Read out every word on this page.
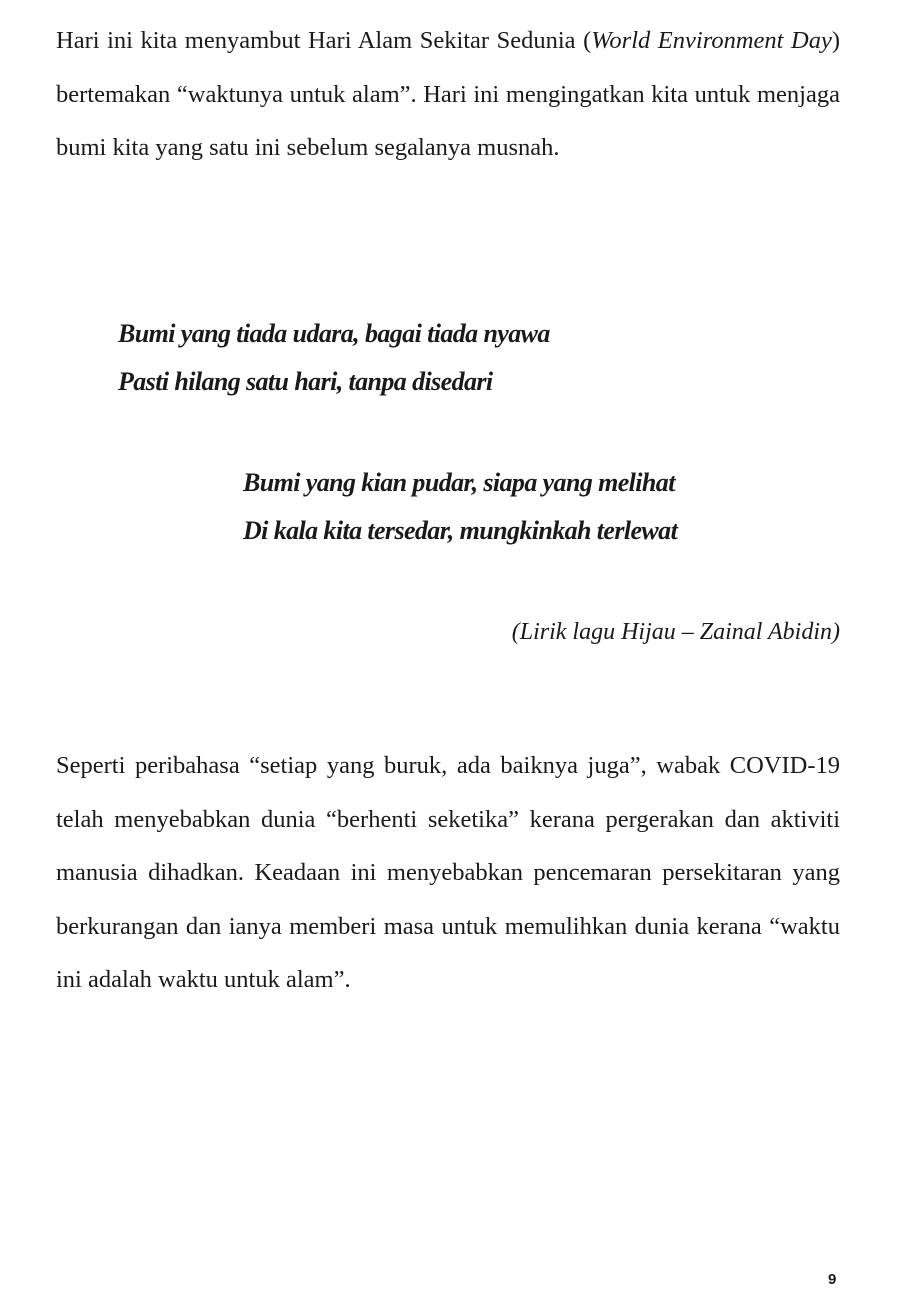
Hari ini kita menyambut Hari Alam Sekitar Sedunia (World Environment Day) bertemakan “waktunya untuk alam”. Hari ini mengingatkan kita untuk menjaga bumi kita yang satu ini sebelum segalanya musnah.

Bumi yang tiada udara, bagai tiada nyawa
Pasti hilang satu hari, tanpa disedari

Bumi yang kian pudar, siapa yang melihat
Di kala kita tersedar, mungkinkah terlewat

(Lirik lagu Hijau – Zainal Abidin)

Seperti peribahasa “setiap yang buruk, ada baiknya juga”, wabak COVID-19 telah menyebabkan dunia “berhenti seketika” kerana pergerakan dan aktiviti manusia dihadkan. Keadaan ini menyebabkan pencemaran persekitaran yang berkurangan dan ianya memberi masa untuk memulihkan dunia kerana “waktu ini adalah waktu untuk alam”.

9
